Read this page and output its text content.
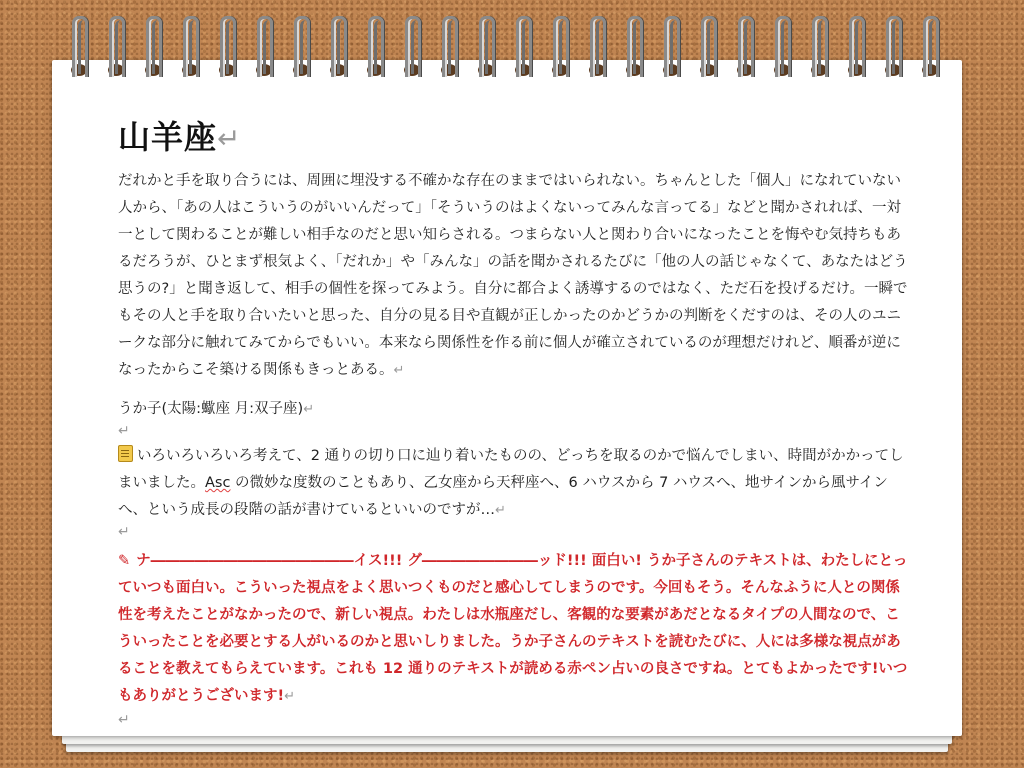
山羊座↵
だれかと手を取り合うには、周囲に埋没する不確かな存在のままではいられない。ちゃんとした「個人」になれていない人から、「あの人はこういうのがいいんだって」「そういうのはよくないってみんな言ってる」などと聞かされれば、一対一として関わることが難しい相手なのだと思い知らされる。つまらない人と関わり合いになったことを悔やむ気持ちもあるだろうが、ひとまず根気よく、「だれか」や「みんな」の話を聞かされるたびに「他の人の話じゃなくて、あなたはどう思うの?」と聞き返して、相手の個性を探ってみよう。自分に都合よく誘導するのではなく、ただ石を投げるだけ。一瞬でもその人と手を取り合いたいと思った、自分の見る目や直観が正しかったのかどうかの判断をくだすのは、その人のユニークな部分に触れてみてからでもいい。本来なら関係性を作る前に個人が確立されているのが理想だけれど、順番が逆になったからこそ築ける関係もきっとある。↵
うか子(太陽:蠍座 月:双子座)↵
↵
いろいろいろいろ考えて、2 通りの切り口に辿り着いたものの、どっちを取るのかで悩んでしまい、時間がかかってしまいました。Asc の微妙な度数のこともあり、乙女座から天秤座へ、6 ハウスから 7 ハウスへ、地サインから風サインへ、という成長の段階の話が書けているといいのですが…↵
↵
✎ ナ――――――――――――――イス!!! グ――――――――ッド!!! 面白い! うか子さんのテキストは、わたしにとっていつも面白い。こういった視点をよく思いつくものだと感心してしまうのです。今回もそう。そんなふうに人との関係性を考えたことがなかったので、新しい視点。わたしは水瓶座だし、客観的な要素があだとなるタイプの人間なので、こういったことを必要とする人がいるのかと思いしりました。うか子さんのテキストを読むたびに、人には多様な視点があることを教えてもらえています。これも 12 通りのテキストが読める赤ペン占いの良さですね。とてもよかったです!いつもありがとうございます!↵
↵
